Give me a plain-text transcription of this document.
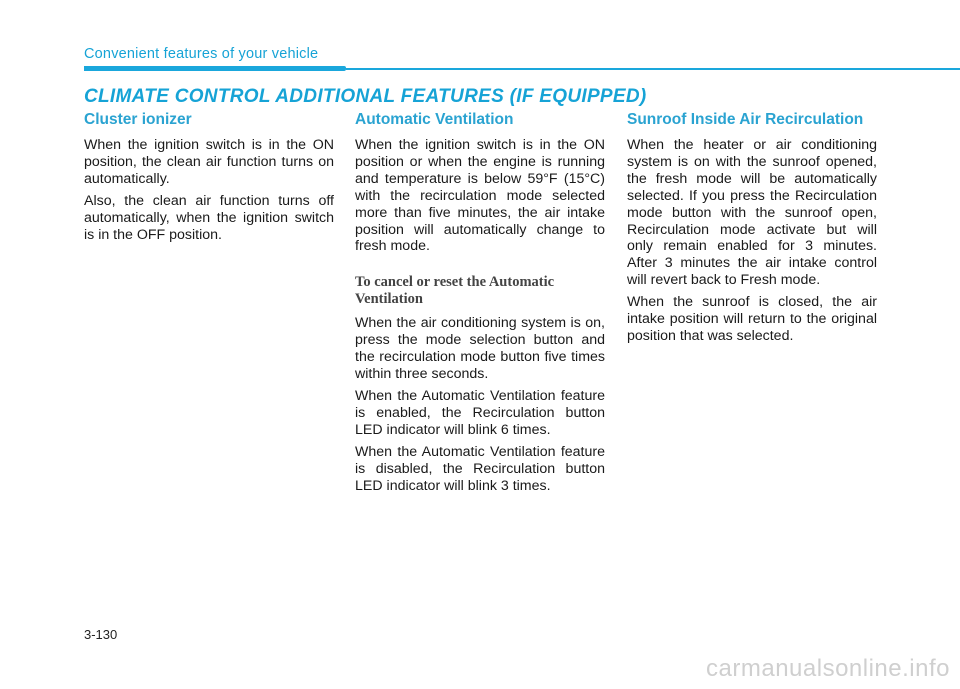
Convenient features of your vehicle
CLIMATE CONTROL ADDITIONAL FEATURES (IF EQUIPPED)
Cluster ionizer

When the ignition switch is in the ON position, the clean air function turns on automatically.

Also, the clean air function turns off automatically, when the ignition switch is in the OFF position.

Automatic Ventilation

When the ignition switch is in the ON position or when the engine is running and temperature is below 59°F (15°C) with the recirculation mode selected more than five minutes, the air intake position will automatically change to fresh mode.

To cancel or reset the Automatic Ventilation

When the air conditioning system is on, press the mode selection button and the recirculation mode button five times within three seconds.

When the Automatic Ventilation feature is enabled, the Recirculation button LED indicator will blink 6 times.

When the Automatic Ventilation feature is disabled, the Recirculation button LED indicator will blink 3 times.

Sunroof Inside Air Recirculation

When the heater or air conditioning system is on with the sunroof opened, the fresh mode will be automatically selected. If you press the Recirculation mode button with the sunroof open, Recirculation mode activate but will only remain enabled for 3 minutes. After 3 minutes the air intake control will revert back to Fresh mode.

When the sunroof is closed, the air intake position will return to the original position that was selected.

3-130
carmanualsonline.info
